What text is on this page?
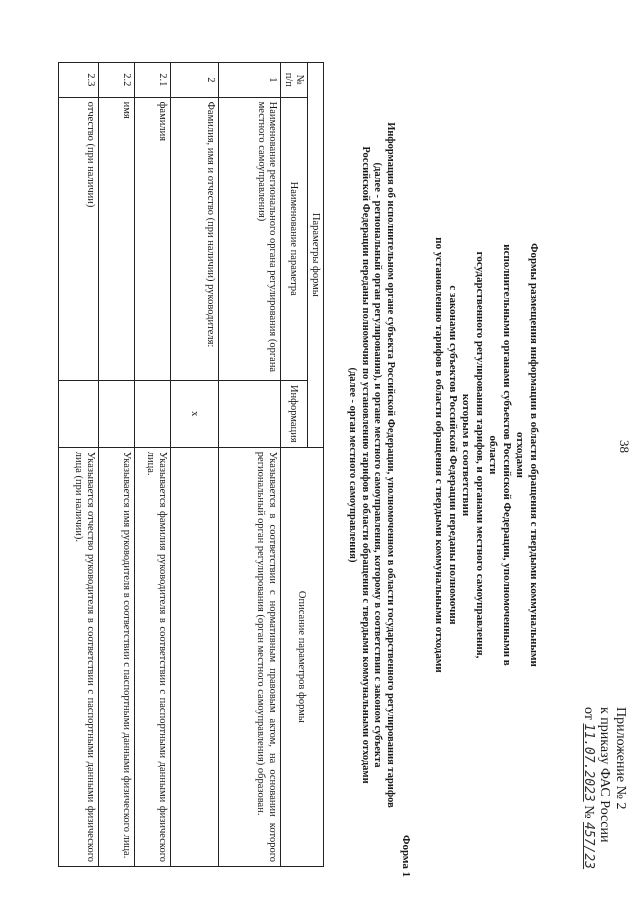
38
Приложение № 2
к приказу ФАС России
от 11.07.2023 № 457/23
Формы размещения информации в области обращения с твердыми коммунальными отходами
исполнительными органами субъектов Российской Федерации, уполномоченными в области
государственного регулирования тарифов, и органами местного самоуправления, которым в соответствии
с законами субъектов Российской Федерации переданы полномочия
по установлению тарифов в области обращения с твердыми коммунальными отходами
Форма 1
Информация об исполнительном органе субъекта Российской Федерации, уполномоченном в области государственного регулирования тарифов
(далее - региональный орган регулирования), и органе местного самоуправления, которому в соответствии с законом субъекта
Российской Федерации переданы полномочия по установлению тарифов в области обращения с твердыми коммунальными отходами
(далее - орган местного самоуправления)
Параметры формы			Описание параметров формы
№
п/п	Наименование параметра	Информация	
1	Наименование регионального органа регулирования (органа местного самоуправления)		Указывается в соответствии с нормативным правовым актом, на основании которого региональный орган регулирования (орган местного самоуправления) образован.
2	Фамилия, имя и отчество (при наличии) руководителя:	x	
2.1	фамилия		Указывается фамилия руководителя в соответствии с паспортными данными физического лица.
2.2	имя		Указывается имя руководителя в соответствии с паспортными данными физического лица.
2.3	отчество (при наличии)		Указывается отчество руководителя в соответствии с паспортными данными физического лица (при наличии).
